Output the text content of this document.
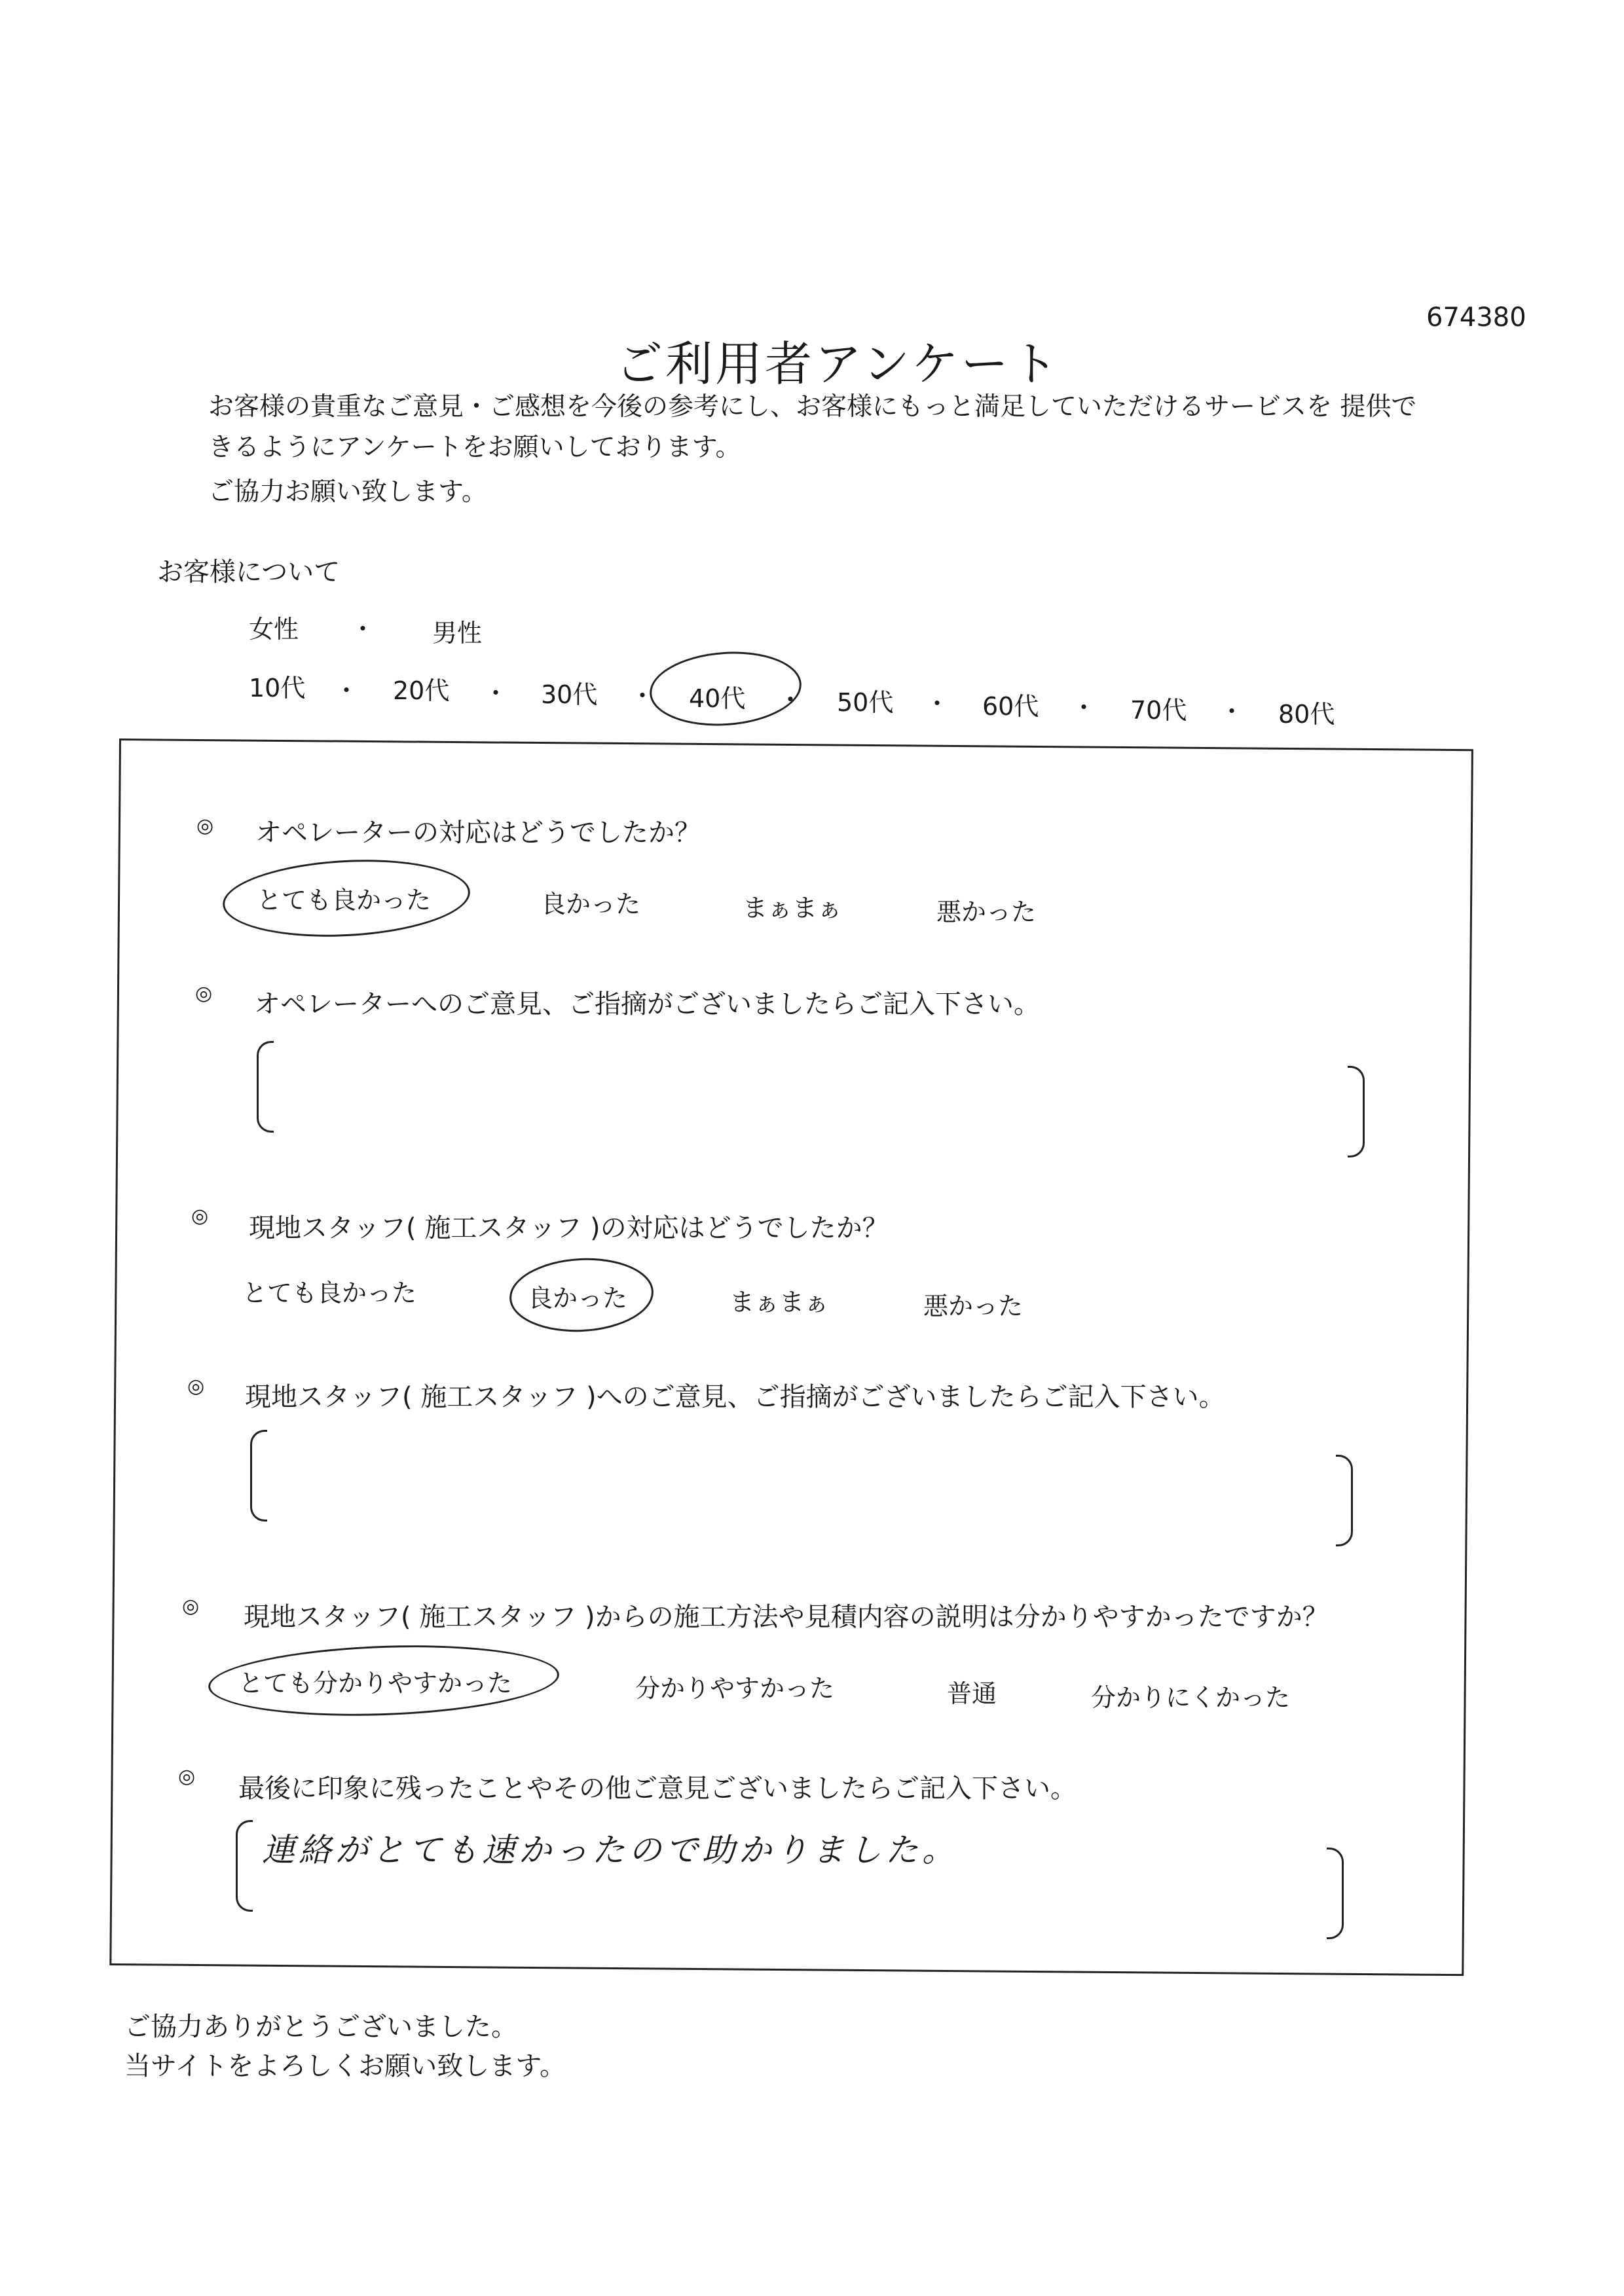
674380
ご利用者アンケート
お客様の貴重なご意見・ご感想を今後の参考にし、お客様にもっと満足していただけるサービスを 提供で
きるようにアンケートをお願いしております。
ご協力お願い致します。
お客様について
女性 ・ 男性
10代 ・ 20代 ・ 30代 ・ 40代 ・ 50代 ・ 60代 ・ 70代 ・ 80代
◎ オペレーターの対応はどうでしたか？
とても良かった	良かった	まぁまぁ	悪かった
◎ オペレーターへのご意見、ご指摘がございましたらご記入下さい。
◎ 現地スタッフ( 施工スタッフ )の対応はどうでしたか？
とても良かった	良かった	まぁまぁ	悪かった
◎ 現地スタッフ( 施工スタッフ )へのご意見、ご指摘がございましたらご記入下さい。
◎ 現地スタッフ( 施工スタッフ )からの施工方法や見積内容の説明は分かりやすかったですか？
とても分かりやすかった	分かりやすかった	普通	分かりにくかった
◎ 最後に印象に残ったことやその他ご意見ございましたらご記入下さい。
連絡がとても速かったので助かりました。
ご協力ありがとうございました。
当サイトをよろしくお願い致します。
